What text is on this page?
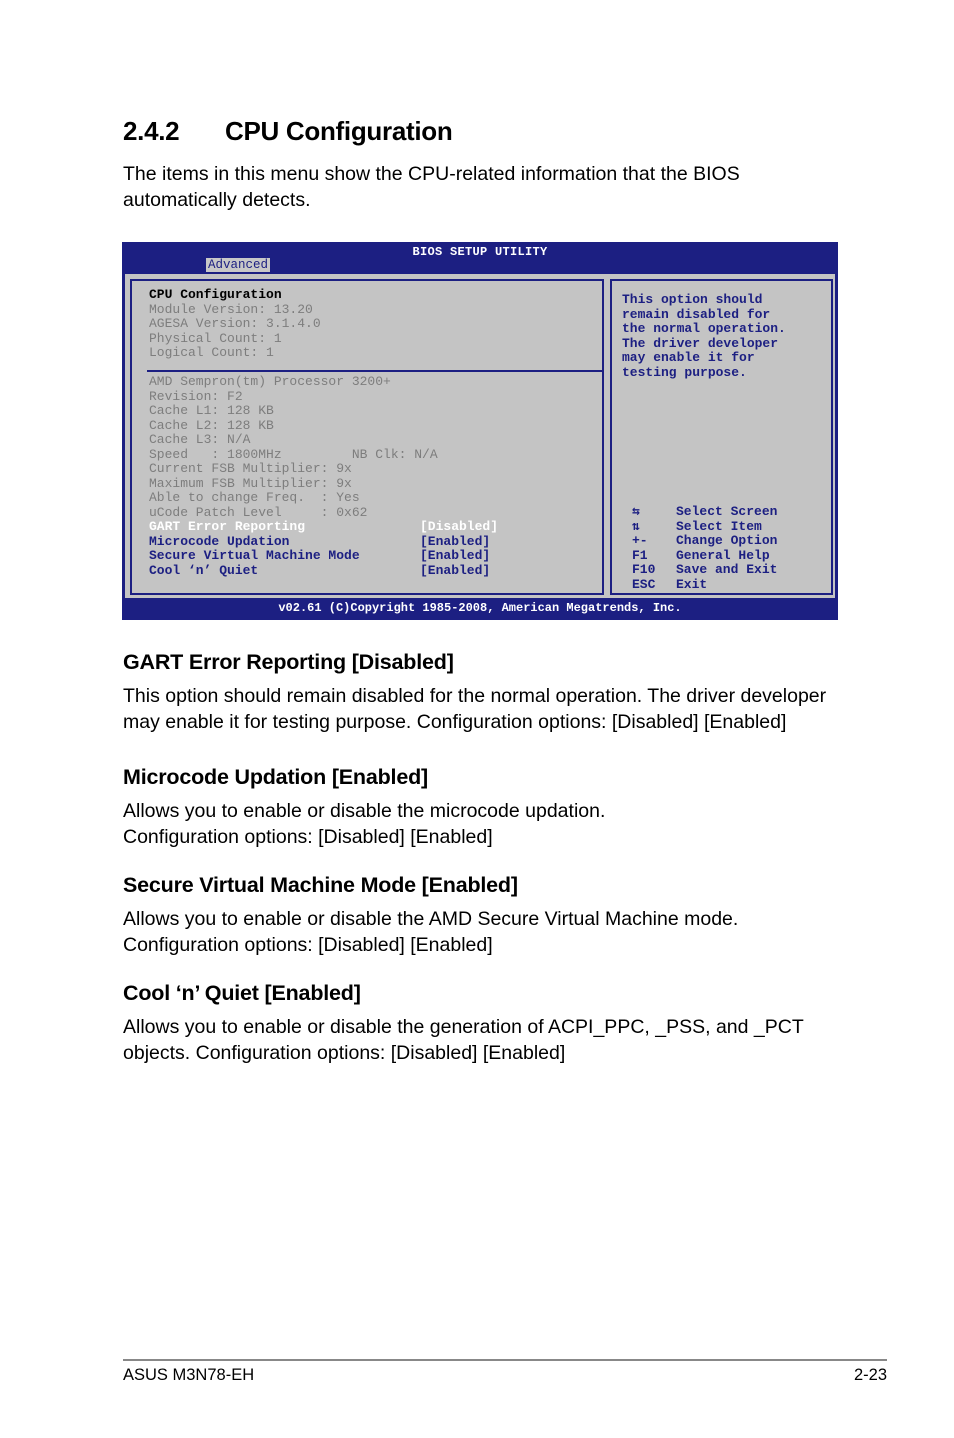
2.4.2 CPU Configuration

The items in this menu show the CPU-related information that the BIOS automatically detects.

BIOS SETUP UTILITY
Advanced
CPU Configuration
Module Version: 13.20
AGESA Version: 3.1.4.0
Physical Count: 1
Logical Count: 1
AMD Sempron(tm) Processor 3200+
Revision: F2
Cache L1: 128 KB
Cache L2: 128 KB
Cache L3: N/A
Speed   : 1800MHz         NB Clk: N/A
Current FSB Multiplier: 9x
Maximum FSB Multiplier: 9x
Able to change Freq.  : Yes
uCode Patch Level     : 0x62
GART Error Reporting	[Disabled]
Microcode Updation	[Enabled]
Secure Virtual Machine Mode	[Enabled]
Cool ‘n’ Quiet	[Enabled]

This option should
remain disabled for
the normal operation.
The driver developer
may enable it for
testing purpose.

⇆	Select Screen
⇅	Select Item
+- Change Option
F1 General Help
F10 Save and Exit
ESC Exit
v02.61 (C)Copyright 1985-2008, American Megatrends, Inc.
GART Error Reporting [Disabled]

This option should remain disabled for the normal operation. The driver developer may enable it for testing purpose. Configuration options: [Disabled] [Enabled]

Microcode Updation [Enabled]

Allows you to enable or disable the microcode updation.
Configuration options: [Disabled] [Enabled]

Secure Virtual Machine Mode [Enabled]

Allows you to enable or disable the AMD Secure Virtual Machine mode.
Configuration options: [Disabled] [Enabled]

Cool ‘n’ Quiet [Enabled]

Allows you to enable or disable the generation of ACPI_PPC, _PSS, and _PCT objects. Configuration options: [Disabled] [Enabled]

ASUS M3N78-EH	2-23
